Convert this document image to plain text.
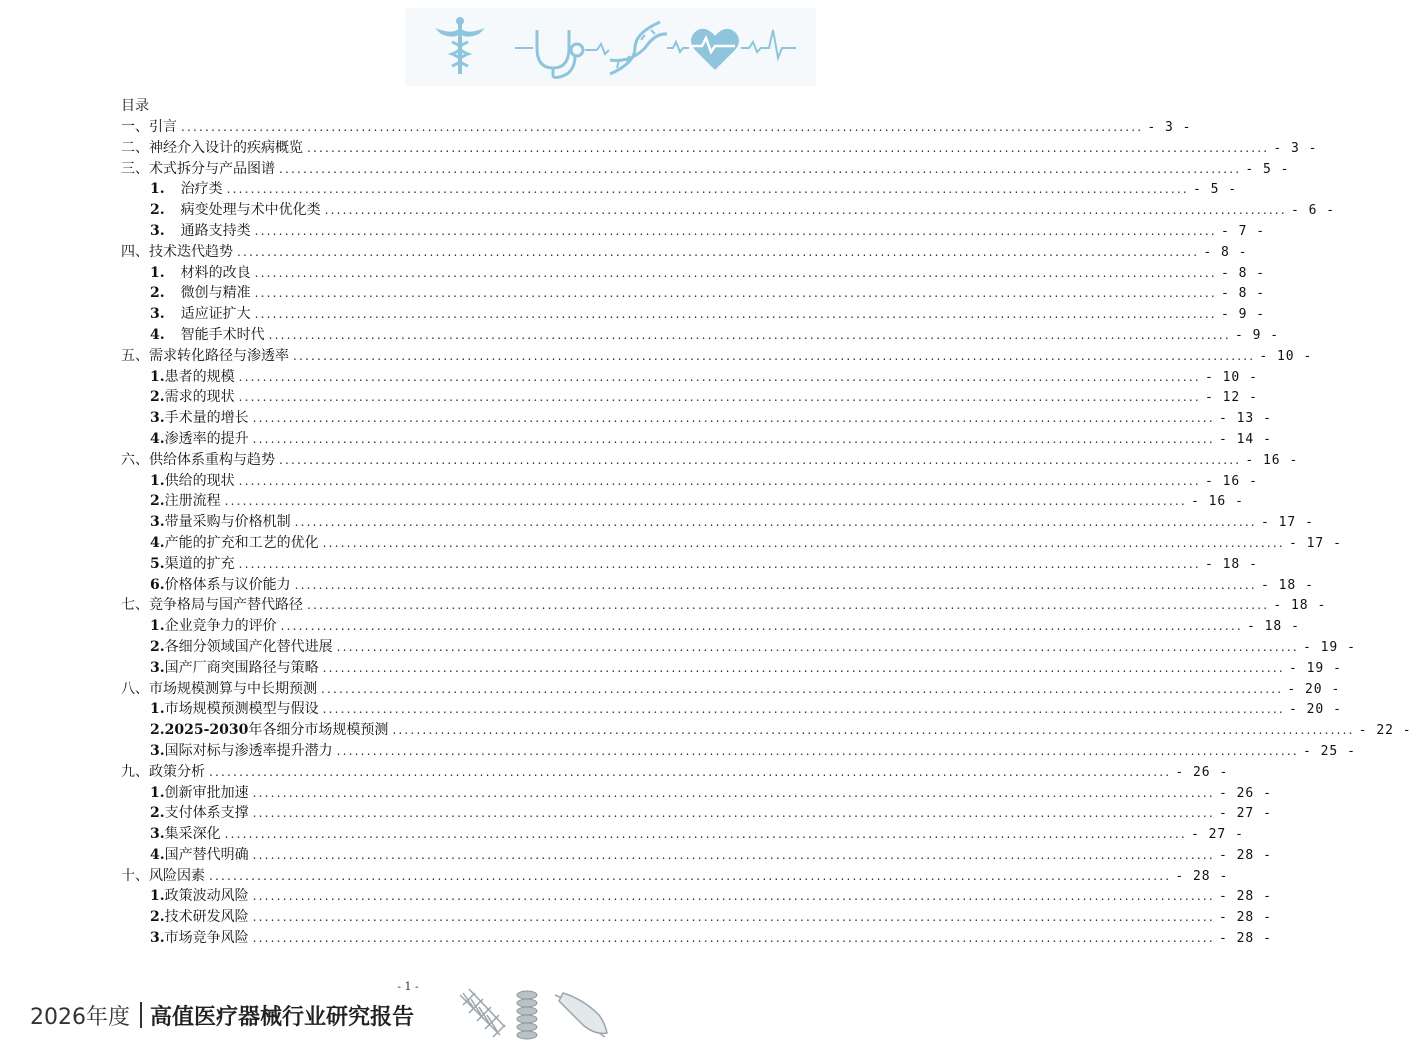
目录
一、引言 ................................................................................................................................................................ - 3 -
二、神经介入设计的疾病概览 ................................................................................................................................................................ - 3 -
三、术式拆分与产品图谱 ................................................................................................................................................................ - 5 -
1. 治疗类 ................................................................................................................................................................ - 5 -
2. 病变处理与术中优化类 ................................................................................................................................................................ - 6 -
3. 通路支持类 ................................................................................................................................................................ - 7 -
四、技术迭代趋势 ................................................................................................................................................................ - 8 -
1. 材料的改良 ................................................................................................................................................................ - 8 -
2. 微创与精准 ................................................................................................................................................................ - 8 -
3. 适应证扩大 ................................................................................................................................................................ - 9 -
4. 智能手术时代 ................................................................................................................................................................ - 9 -
五、需求转化路径与渗透率 ................................................................................................................................................................ - 10 -
1. 患者的规模 ................................................................................................................................................................ - 10 -
2. 需求的现状 ................................................................................................................................................................ - 12 -
3. 手术量的增长 ................................................................................................................................................................ - 13 -
4. 渗透率的提升 ................................................................................................................................................................ - 14 -
六、供给体系重构与趋势 ................................................................................................................................................................ - 16 -
1. 供给的现状 ................................................................................................................................................................ - 16 -
2. 注册流程 ................................................................................................................................................................ - 16 -
3. 带量采购与价格机制 ................................................................................................................................................................ - 17 -
4. 产能的扩充和工艺的优化 ................................................................................................................................................................ - 17 -
5. 渠道的扩充 ................................................................................................................................................................ - 18 -
6. 价格体系与议价能力 ................................................................................................................................................................ - 18 -
七、竞争格局与国产替代路径 ................................................................................................................................................................ - 18 -
1. 企业竞争力的评价 ................................................................................................................................................................ - 18 -
2. 各细分领域国产化替代进展 ................................................................................................................................................................ - 19 -
3. 国产厂商突围路径与策略 ................................................................................................................................................................ - 19 -
八、市场规模测算与中长期预测 ................................................................................................................................................................ - 20 -
1. 市场规模预测模型与假设 ................................................................................................................................................................ - 20 -
2.2025-2030 年各细分市场规模预测 ................................................................................................................................................................ - 22 -
3. 国际对标与渗透率提升潜力 ................................................................................................................................................................ - 25 -
九、政策分析 ................................................................................................................................................................ - 26 -
1. 创新审批加速 ................................................................................................................................................................ - 26 -
2. 支付体系支撑 ................................................................................................................................................................ - 27 -
3. 集采深化 ................................................................................................................................................................ - 27 -
4. 国产替代明确 ................................................................................................................................................................ - 28 -
十、风险因素 ................................................................................................................................................................ - 28 -
1. 政策波动风险 ................................................................................................................................................................ - 28 -
2. 技术研发风险 ................................................................................................................................................................ - 28 -
3. 市场竞争风险 ................................................................................................................................................................ - 28 -
- 1 -
2026年度 高值医疗器械行业研究报告
